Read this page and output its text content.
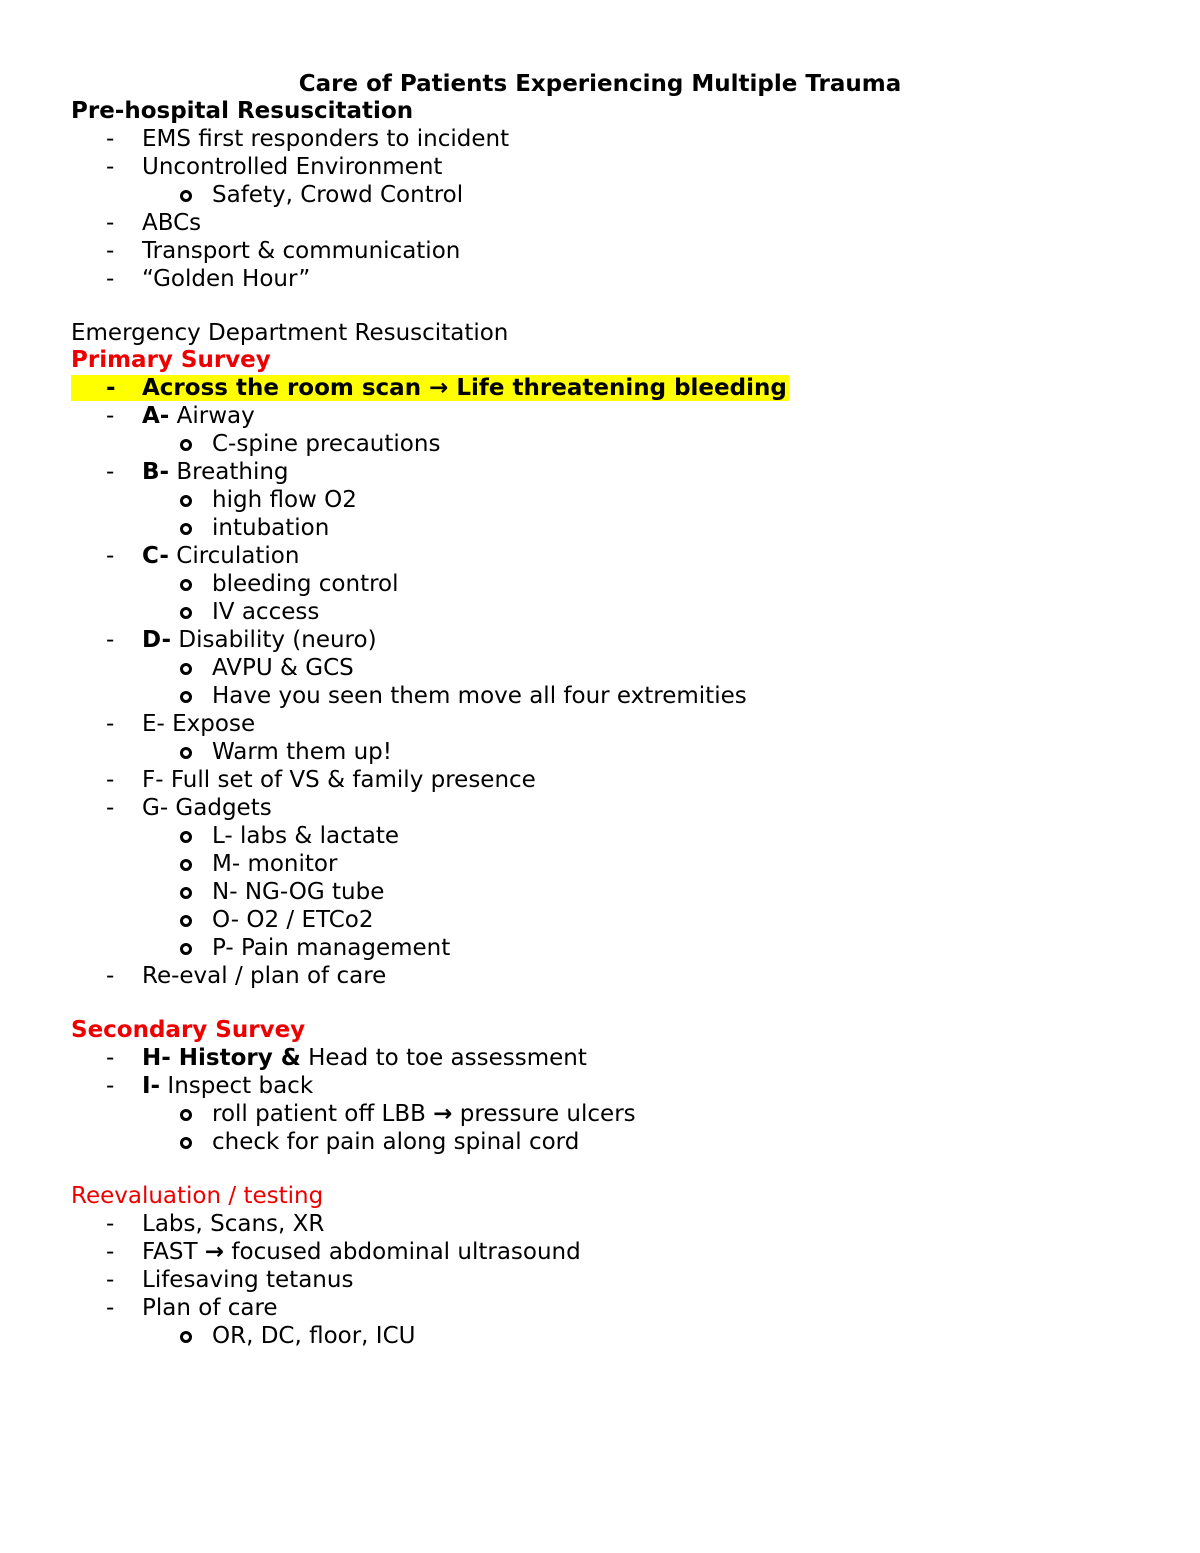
Care of Patients Experiencing Multiple Trauma
Pre-hospital Resuscitation
-	EMS first responders to incident
-	Uncontrolled Environment
Safety, Crowd Control
-	ABCs
-	Transport & communication
-	“Golden Hour”
Emergency Department Resuscitation
Primary Survey
-	Across the room scan → Life threatening bleeding
-	A- Airway
C-spine precautions
-	B- Breathing
high flow O2
intubation
-	C- Circulation
bleeding control
IV access
-	D- Disability (neuro)
AVPU & GCS
Have you seen them move all four extremities
-	E- Expose
Warm them up!
-	F- Full set of VS & family presence
-	G- Gadgets
L- labs & lactate
M- monitor
N- NG-OG tube
O- O2 / ETCo2
P- Pain management
-	Re-eval / plan of care
Secondary Survey
-	H- History & Head to toe assessment
-	I- Inspect back
roll patient off LBB → pressure ulcers
check for pain along spinal cord
Reevaluation / testing
-	Labs, Scans, XR
-	FAST → focused abdominal ultrasound
-	Lifesaving tetanus
-	Plan of care
OR, DC, floor, ICU
